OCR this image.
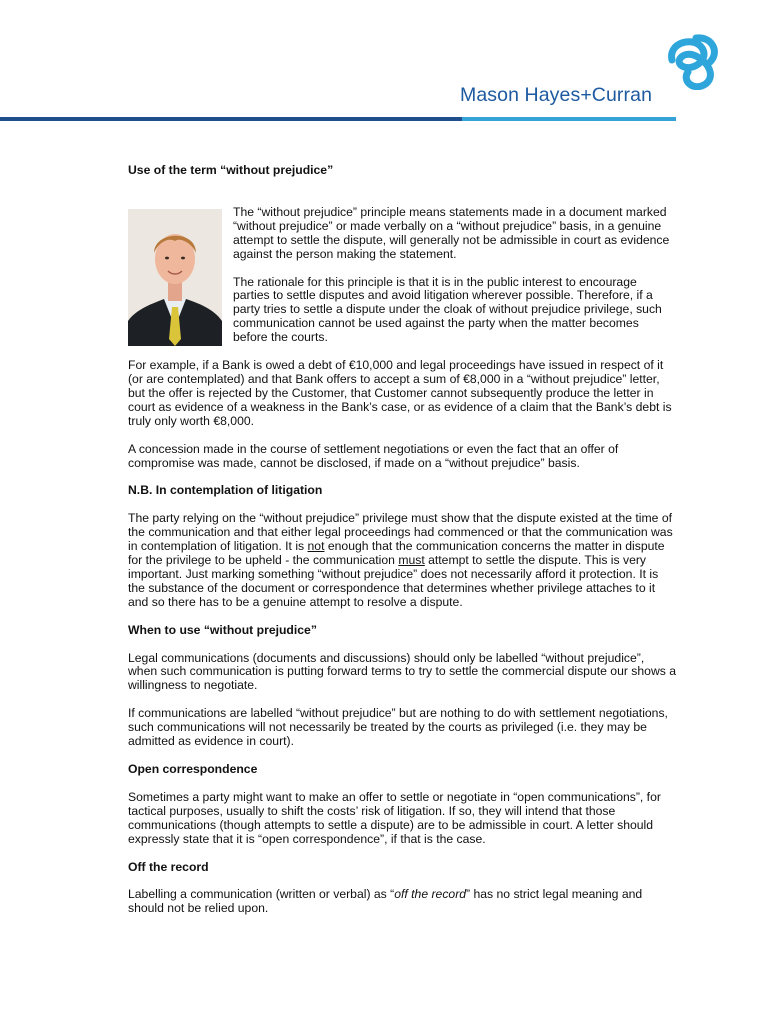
Mason Hayes+Curran
Use of the term “without prejudice”

The “without prejudice” principle means statements made in a document marked “without prejudice” or made verbally on a “without prejudice” basis, in a genuine attempt to settle the dispute, will generally not be admissible in court as evidence against the person making the statement.

The rationale for this principle is that it is in the public interest to encourage parties to settle disputes and avoid litigation wherever possible. Therefore, if a party tries to settle a dispute under the cloak of without prejudice privilege, such communication cannot be used against the party when the matter becomes before the courts.

For example, if a Bank is owed a debt of €10,000 and legal proceedings have issued in respect of it (or are contemplated) and that Bank offers to accept a sum of €8,000 in a “without prejudice” letter, but the offer is rejected by the Customer, that Customer cannot subsequently produce the letter in court as evidence of a weakness in the Bank’s case, or as evidence of a claim that the Bank’s debt is truly only worth €8,000.

A concession made in the course of settlement negotiations or even the fact that an offer of compromise was made, cannot be disclosed, if made on a “without prejudice” basis.

N.B. In contemplation of litigation

The party relying on the “without prejudice” privilege must show that the dispute existed at the time of the communication and that either legal proceedings had commenced or that the communication was in contemplation of litigation. It is not enough that the communication concerns the matter in dispute for the privilege to be upheld - the communication must attempt to settle the dispute. This is very important. Just marking something “without prejudice” does not necessarily afford it protection. It is the substance of the document or correspondence that determines whether privilege attaches to it and so there has to be a genuine attempt to resolve a dispute.

When to use “without prejudice”

Legal communications (documents and discussions) should only be labelled “without prejudice”, when such communication is putting forward terms to try to settle the commercial dispute our shows a willingness to negotiate.

If communications are labelled “without prejudice” but are nothing to do with settlement negotiations, such communications will not necessarily be treated by the courts as privileged (i.e. they may be admitted as evidence in court).

Open correspondence

Sometimes a party might want to make an offer to settle or negotiate in “open communications”, for tactical purposes, usually to shift the costs’ risk of litigation. If so, they will intend that those communications (though attempts to settle a dispute) are to be admissible in court. A letter should expressly state that it is “open correspondence”, if that is the case.

Off the record

Labelling a communication (written or verbal) as “off the record” has no strict legal meaning and should not be relied upon.
